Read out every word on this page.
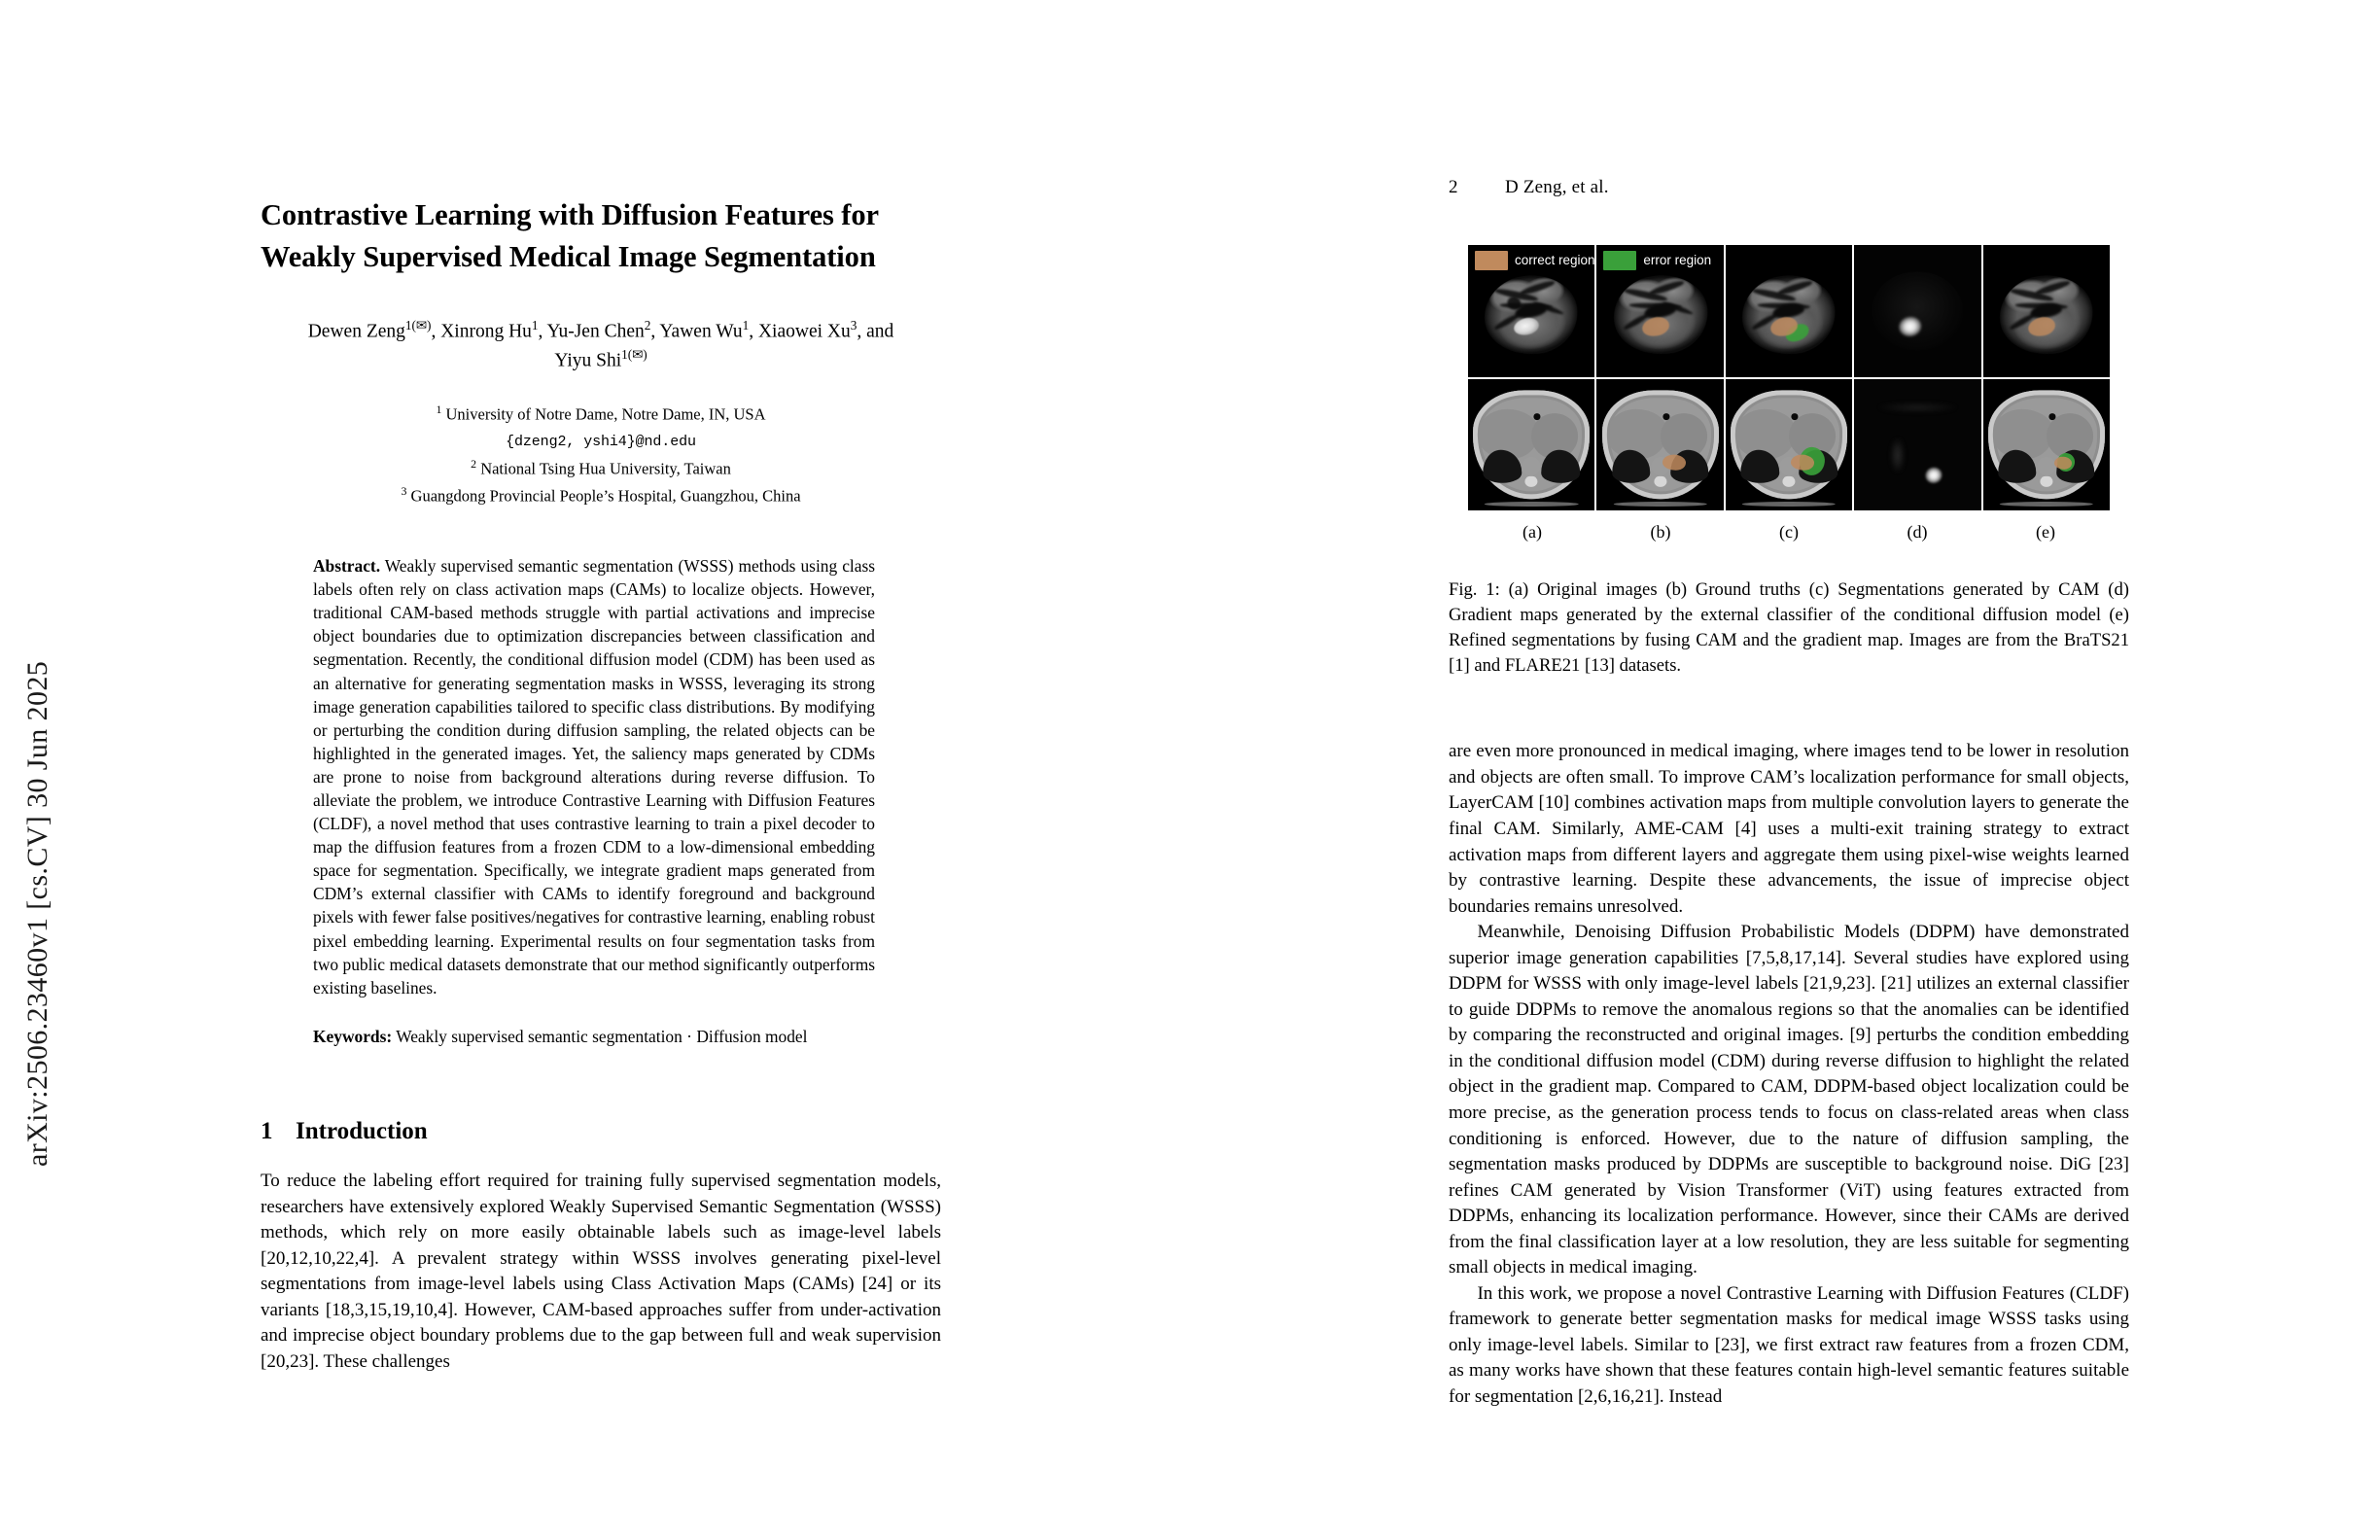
arXiv:2506.23460v1 [cs.CV] 30 Jun 2025
Contrastive Learning with Diffusion Features for
Weakly Supervised Medical Image Segmentation
Dewen Zeng$^{1(✉)}$, Xinrong Hu$^1$, Yu-Jen Chen$^2$, Yawen Wu$^1$, Xiaowei Xu$^3$, and
Yiyu Shi$^{1(✉)}$
$^1$ University of Notre Dame, Notre Dame, IN, USA
{dzeng2, yshi4}@nd.edu
$^2$ National Tsing Hua University, Taiwan
$^3$ Guangdong Provincial People’s Hospital, Guangzhou, China

Abstract. Weakly supervised semantic segmentation (WSSS) methods using class labels often rely on class activation maps (CAMs) to localize objects. However, traditional CAM-based methods struggle with partial activations and imprecise object boundaries due to optimization discrepancies between classification and segmentation. Recently, the conditional diffusion model (CDM) has been used as an alternative for generating segmentation masks in WSSS, leveraging its strong image generation capabilities tailored to specific class distributions. By modifying or perturbing the condition during diffusion sampling, the related objects can be highlighted in the generated images. Yet, the saliency maps generated by CDMs are prone to noise from background alterations during reverse diffusion. To alleviate the problem, we introduce Contrastive Learning with Diffusion Features (CLDF), a novel method that uses contrastive learning to train a pixel decoder to map the diffusion features from a frozen CDM to a low-dimensional embedding space for segmentation. Specifically, we integrate gradient maps generated from CDM’s external classifier with CAMs to identify foreground and background pixels with fewer false positives/negatives for contrastive learning, enabling robust pixel embedding learning. Experimental results on four segmentation tasks from two public medical datasets demonstrate that our method significantly outperforms existing baselines.

Keywords: Weakly supervised semantic segmentation · Diffusion model

1 Introduction

To reduce the labeling effort required for training fully supervised segmentation models, researchers have extensively explored Weakly Supervised Semantic Segmentation (WSSS) methods, which rely on more easily obtainable labels such as image-level labels [20,12,10,22,4]. A prevalent strategy within WSSS involves generating pixel-level segmentations from image-level labels using Class Activation Maps (CAMs) [24] or its variants [18,3,15,19,10,4]. However, CAM-based approaches suffer from under-activation and imprecise object boundary problems due to the gap between full and weak supervision [20,23]. These challenges

2	D Zeng, et al.
correct region	error region
(a)	(b)	(c)	(d)	(e)

Fig. 1: (a) Original images (b) Ground truths (c) Segmentations generated by CAM (d) Gradient maps generated by the external classifier of the conditional diffusion model (e) Refined segmentations by fusing CAM and the gradient map. Images are from the BraTS21 [1] and FLARE21 [13] datasets.

are even more pronounced in medical imaging, where images tend to be lower in resolution and objects are often small. To improve CAM’s localization performance for small objects, LayerCAM [10] combines activation maps from multiple convolution layers to generate the final CAM. Similarly, AME-CAM [4] uses a multi-exit training strategy to extract activation maps from different layers and aggregate them using pixel-wise weights learned by contrastive learning. Despite these advancements, the issue of imprecise object boundaries remains unresolved.

Meanwhile, Denoising Diffusion Probabilistic Models (DDPM) have demonstrated superior image generation capabilities [7,5,8,17,14]. Several studies have explored using DDPM for WSSS with only image-level labels [21,9,23]. [21] utilizes an external classifier to guide DDPMs to remove the anomalous regions so that the anomalies can be identified by comparing the reconstructed and original images. [9] perturbs the condition embedding in the conditional diffusion model (CDM) during reverse diffusion to highlight the related object in the gradient map. Compared to CAM, DDPM-based object localization could be more precise, as the generation process tends to focus on class-related areas when class conditioning is enforced. However, due to the nature of diffusion sampling, the segmentation masks produced by DDPMs are susceptible to background noise. DiG [23] refines CAM generated by Vision Transformer (ViT) using features extracted from DDPMs, enhancing its localization performance. However, since their CAMs are derived from the final classification layer at a low resolution, they are less suitable for segmenting small objects in medical imaging.

In this work, we propose a novel Contrastive Learning with Diffusion Features (CLDF) framework to generate better segmentation masks for medical image WSSS tasks using only image-level labels. Similar to [23], we first extract raw features from a frozen CDM, as many works have shown that these features contain high-level semantic features suitable for segmentation [2,6,16,21]. Instead
